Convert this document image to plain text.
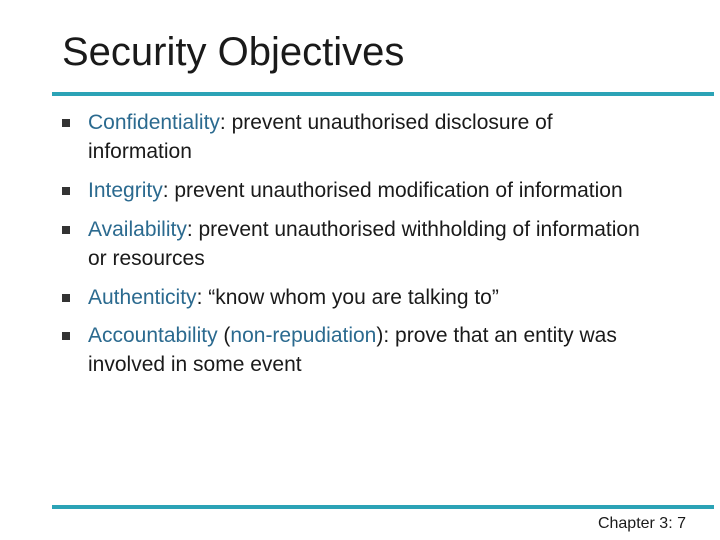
Security Objectives
Confidentiality: prevent unauthorised disclosure of information
Integrity: prevent unauthorised modification of information
Availability: prevent unauthorised withholding of information or resources
Authenticity: “know whom you are talking to”
Accountability (non-repudiation): prove that an entity was involved in some event
Chapter 3: 7
